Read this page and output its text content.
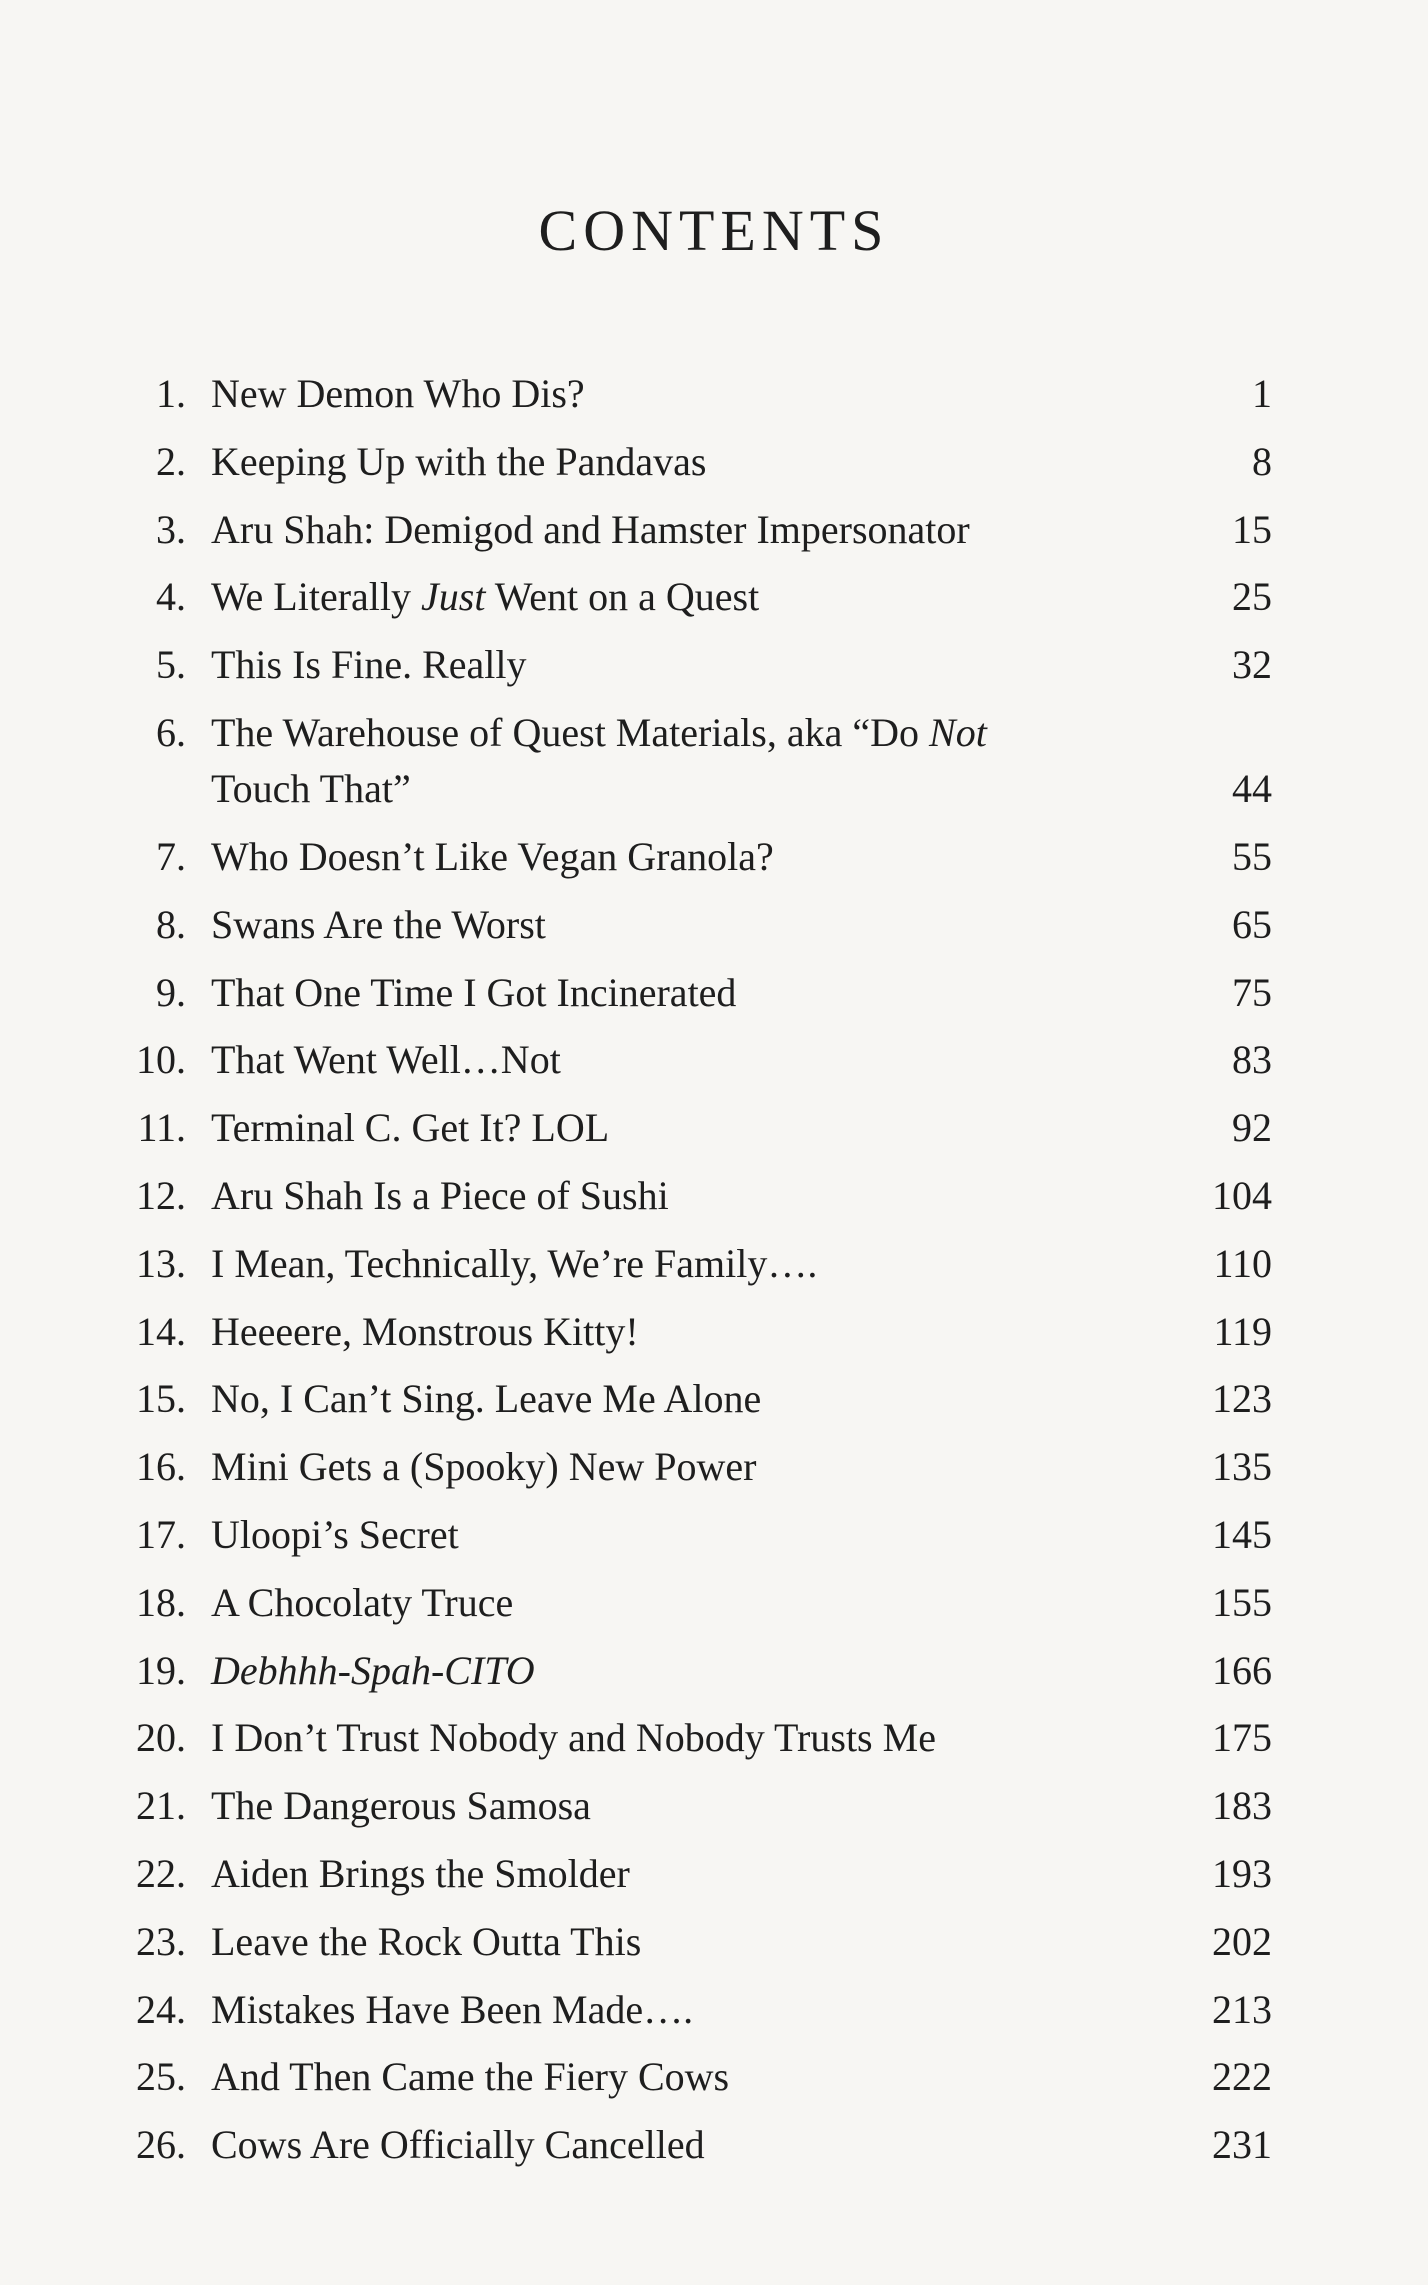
CONTENTS
1. New Demon Who Dis?	1
2. Keeping Up with the Pandavas	8
3. Aru Shah: Demigod and Hamster Impersonator	15
4. We Literally Just Went on a Quest	25
5. This Is Fine. Really	32
6. The Warehouse of Quest Materials, aka “Do Not Touch That”	44
7. Who Doesn’t Like Vegan Granola?	55
8. Swans Are the Worst	65
9. That One Time I Got Incinerated	75
10. That Went Well…Not	83
11. Terminal C. Get It? LOL	92
12. Aru Shah Is a Piece of Sushi	104
13. I Mean, Technically, We’re Family….	110
14. Heeeere, Monstrous Kitty!	119
15. No, I Can’t Sing. Leave Me Alone	123
16. Mini Gets a (Spooky) New Power	135
17. Uloopi’s Secret	145
18. A Chocolaty Truce	155
19. Debhhh-Spah-CITO	166
20. I Don’t Trust Nobody and Nobody Trusts Me	175
21. The Dangerous Samosa	183
22. Aiden Brings the Smolder	193
23. Leave the Rock Outta This	202
24. Mistakes Have Been Made….	213
25. And Then Came the Fiery Cows	222
26. Cows Are Officially Cancelled	231
